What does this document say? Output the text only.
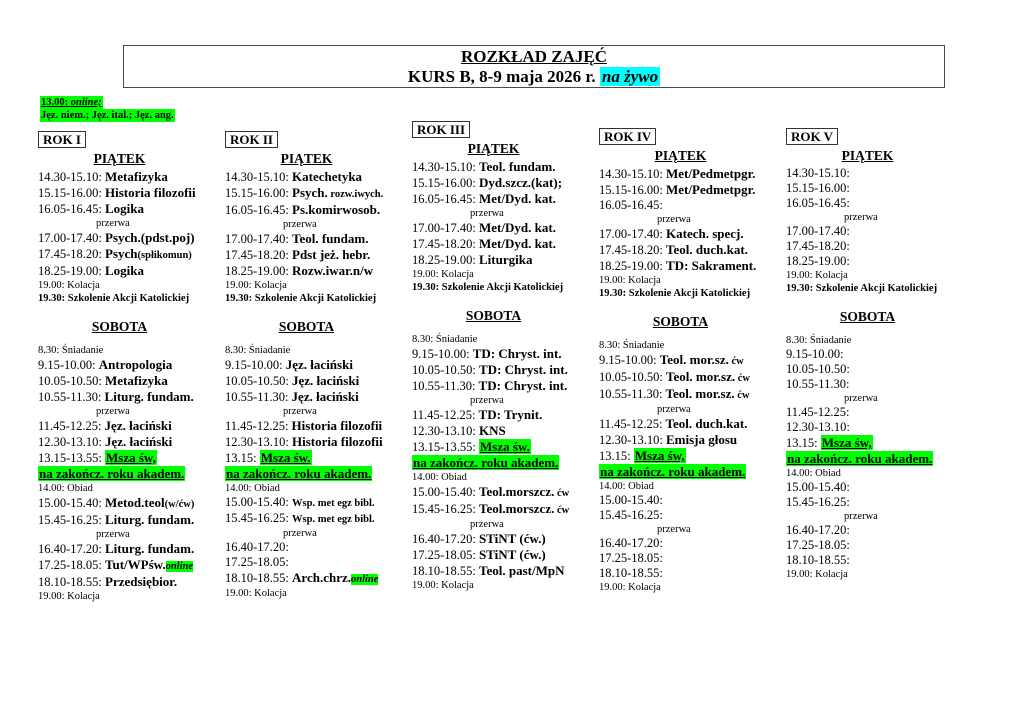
ROZKŁAD ZAJĘĆ
KURS B, 8-9 maja 2026 r. na żywo
13.00: online;
Jęz. niem.; Jęz. ital.; Jęz. ang.
ROK I
PIĄTEK
14.30-15.10: Metafizyka
15.15-16.00: Historia filozofii
16.05-16.45: Logika
przerwa
17.00-17.40: Psych.(pdst.poj)
17.45-18.20: Psych(spłikomun)
18.25-19.00: Logika
19.00: Kolacja
19.30: Szkolenie Akcji Katolickiej
SOBOTA
8.30: Śniadanie
9.15-10.00: Antropologia
10.05-10.50: Metafizyka
10.55-11.30: Liturg. fundam.
przerwa
11.45-12.25: Jęz. łaciński
12.30-13.10: Jęz. łaciński
13.15-13.55: Msza św,
na zakończ. roku akadem.
14.00: Obiad
15.00-15.40: Metod.teol(w/ćw)
15.45-16.25: Liturg. fundam.
przerwa
16.40-17.20: Liturg. fundam.
17.25-18.05: Tut/WPśw.online
18.10-18.55: Przedsiębior.
19.00: Kolacja
ROK II
PIĄTEK
14.30-15.10: Katechetyka
15.15-16.00: Psych. rozw.iwych.
16.05-16.45: Ps.komirwosob.
przerwa
17.00-17.40: Teol. fundam.
17.45-18.20: Pdst jeż. hebr.
18.25-19.00: Rozw.iwar.n/w
19.00: Kolacja
19.30: Szkolenie Akcji Katolickiej
SOBOTA
8.30: Śniadanie
9.15-10.00: Jęz. łaciński
10.05-10.50: Jęz. łaciński
10.55-11.30: Jęz. łaciński
przerwa
11.45-12.25: Historia filozofii
12.30-13.10: Historia filozofii
13.15: Msza św.
na zakończ. roku akadem.
14.00: Obiad
15.00-15.40: Wsp. met egz bibl.
15.45-16.25: Wsp. met egz bibl.
przerwa
16.40-17.20:
17.25-18.05:
18.10-18.55: Arch.chrz.online
19.00: Kolacja
ROK III
PIĄTEK
14.30-15.10: Teol. fundam.
15.15-16.00: Dyd.szcz.(kat);
16.05-16.45: Met/Dyd. kat.
przerwa
17.00-17.40: Met/Dyd. kat.
17.45-18.20: Met/Dyd. kat.
18.25-19.00: Liturgika
19.00: Kolacja
19.30: Szkolenie Akcji Katolickiej
SOBOTA
8.30: Śniadanie
9.15-10.00: TD: Chryst. int.
10.05-10.50: TD: Chryst. int.
10.55-11.30: TD: Chryst. int.
przerwa
11.45-12.25: TD: Trynit.
12.30-13.10: KNS
13.15-13.55: Msza św.
na zakończ. roku akadem.
14.00: Obiad
15.00-15.40: Teol.morszcz. ćw
15.45-16.25: Teol.morszcz. ćw
przerwa
16.40-17.20: STiNT (ćw.)
17.25-18.05: STiNT (ćw.)
18.10-18.55: Teol. past/MpN
19.00: Kolacja
ROK IV
PIĄTEK
14.30-15.10: Met/Pedmetpgr.
15.15-16.00: Met/Pedmetpgr.
16.05-16.45:
przerwa
17.00-17.40: Katech. specj.
17.45-18.20: Teol. duch.kat.
18.25-19.00: TD: Sakrament.
19.00: Kolacja
19.30: Szkolenie Akcji Katolickiej
SOBOTA
8.30: Śniadanie
9.15-10.00: Teol. mor.sz. ćw
10.05-10.50: Teol. mor.sz. ćw
10.55-11.30: Teol. mor.sz. ćw
przerwa
11.45-12.25: Teol. duch.kat.
12.30-13.10: Emisja głosu
13.15: Msza św,
na zakończ. roku akadem.
14.00: Obiad
15.00-15.40:
15.45-16.25:
przerwa
16.40-17.20:
17.25-18.05:
18.10-18.55:
19.00: Kolacja
ROK V
PIĄTEK
14.30-15.10:
15.15-16.00:
16.05-16.45:
przerwa
17.00-17.40:
17.45-18.20:
18.25-19.00:
19.00: Kolacja
19.30: Szkolenie Akcji Katolickiej
SOBOTA
8.30: Śniadanie
9.15-10.00:
10.05-10.50:
10.55-11.30:
przerwa
11.45-12.25:
12.30-13.10:
13.15: Msza św,
na zakończ. roku akadem.
14.00: Obiad
15.00-15.40:
15.45-16.25:
przerwa
16.40-17.20:
17.25-18.05:
18.10-18.55:
19.00: Kolacja
